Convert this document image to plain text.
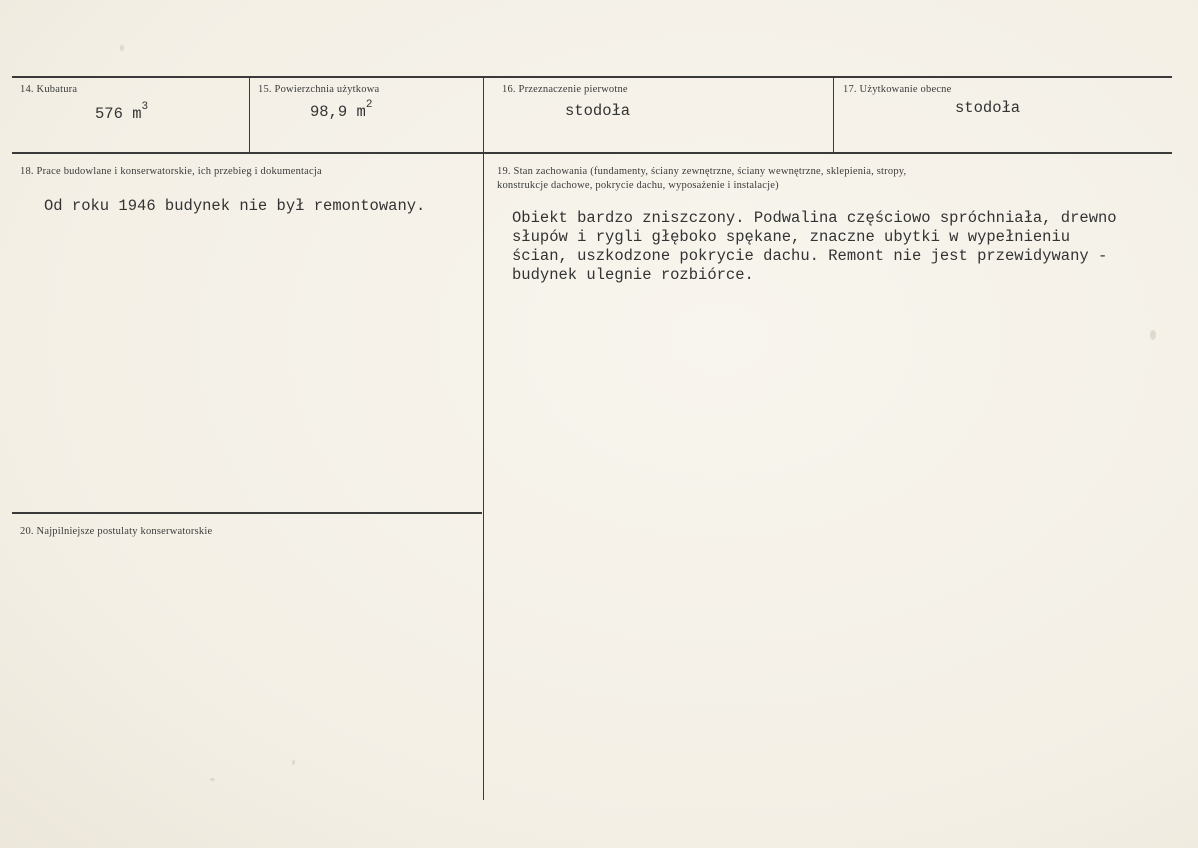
14. Kubatura
576 $m^3$
15. Powierzchnia użytkowa
98,9 $m^2$
16. Przeznaczenie pierwotne
stodoła
17. Użytkowanie obecne
stodoła
18. Prace budowlane i konserwatorskie, ich przebieg i dokumentacja
Od roku 1946 budynek nie był remontowany.
19. Stan zachowania (fundamenty, ściany zewnętrzne, ściany wewnętrzne, sklepienia, stropy,
konstrukcje dachowe, pokrycie dachu, wyposażenie i instalacje)
Obiekt bardzo zniszczony. Podwalina częściowo spróchniała, drewno
słupów i rygli głęboko spękane, znaczne ubytki w wypełnieniu
ścian, uszkodzone pokrycie dachu. Remont nie jest przewidywany -
budynek ulegnie rozbiórce.
20. Najpilniejsze postulaty konserwatorskie
